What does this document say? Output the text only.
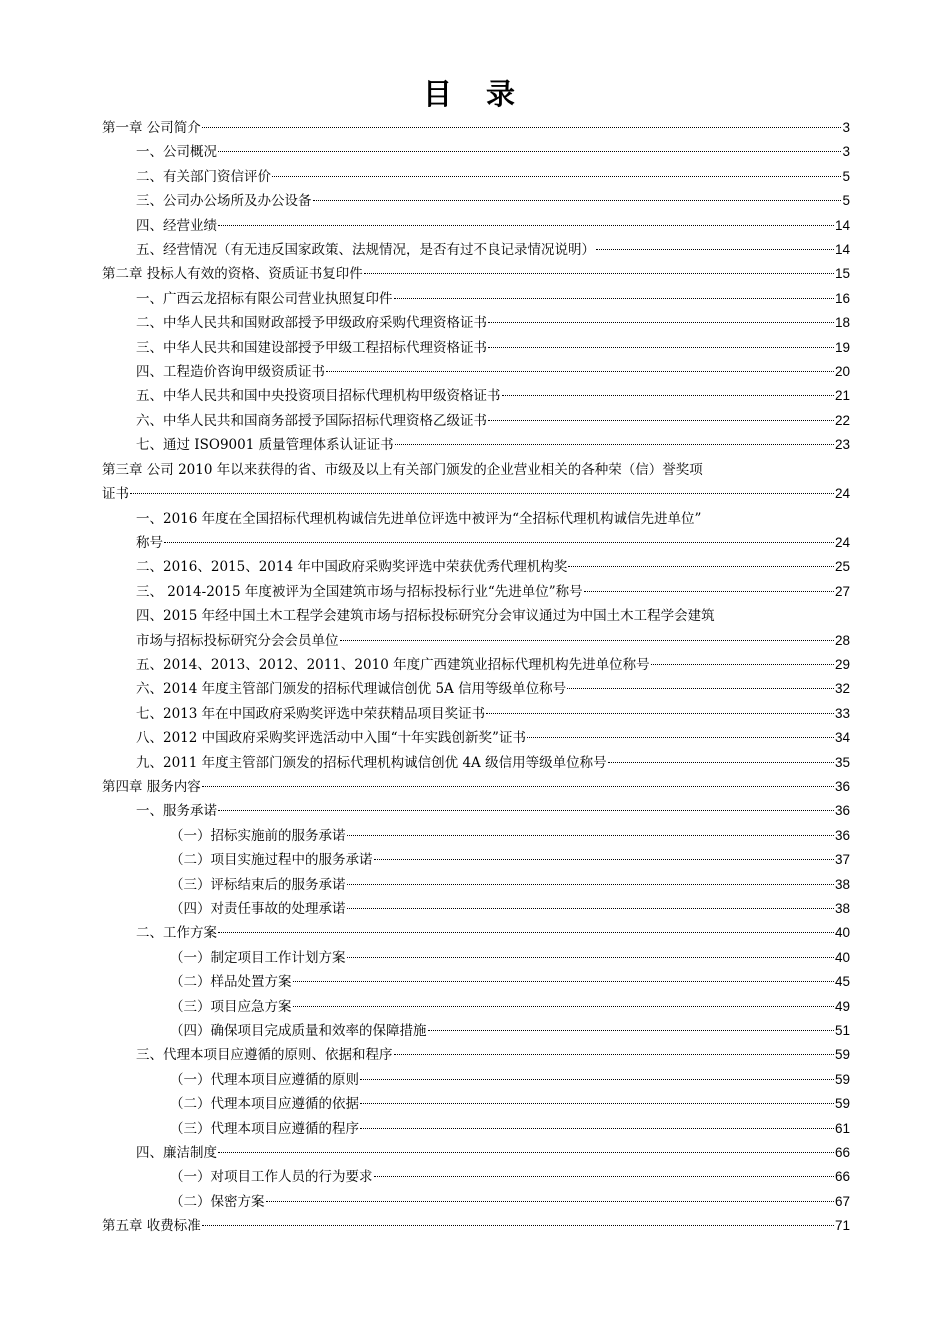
目 录
第一章 公司简介	3
一、公司概况	3
二、有关部门资信评价	5
三、公司办公场所及办公设备	5
四、经营业绩	14
五、经营情况（有无违反国家政策、法规情况，是否有过不良记录情况说明）	14
第二章 投标人有效的资格、资质证书复印件	15
一、广西云龙招标有限公司营业执照复印件	16
二、中华人民共和国财政部授予甲级政府采购代理资格证书	18
三、中华人民共和国建设部授予甲级工程招标代理资格证书	19
四、工程造价咨询甲级资质证书	20
五、中华人民共和国中央投资项目招标代理机构甲级资格证书	21
六、中华人民共和国商务部授予国际招标代理资格乙级证书	22
七、通过 ISO9001 质量管理体系认证证书	23
第三章 公司 2010 年以来获得的省、市级及以上有关部门颁发的企业营业相关的各种荣（信）誉奖项
证书	24
一、2016 年度在全国招标代理机构诚信先进单位评选中被评为“全招标代理机构诚信先进单位”
称号	24
二、2016、2015、2014 年中国政府采购奖评选中荣获优秀代理机构奖	25
三、 2014-2015 年度被评为全国建筑市场与招标投标行业“先进单位”称号	27
四、2015 年经中国土木工程学会建筑市场与招标投标研究分会审议通过为中国土木工程学会建筑
市场与招标投标研究分会会员单位	28
五、2014、2013、2012、2011、2010 年度广西建筑业招标代理机构先进单位称号	29
六、2014 年度主管部门颁发的招标代理诚信创优 5A 信用等级单位称号	32
七、2013 年在中国政府采购奖评选中荣获精品项目奖证书	33
八、2012 中国政府采购奖评选活动中入围“十年实践创新奖”证书	34
九、2011 年度主管部门颁发的招标代理机构诚信创优 4A 级信用等级单位称号	35
第四章 服务内容	36
一、服务承诺	36
（一）招标实施前的服务承诺	36
（二）项目实施过程中的服务承诺	37
（三）评标结束后的服务承诺	38
（四）对责任事故的处理承诺	38
二、工作方案	40
（一）制定项目工作计划方案	40
（二）样品处置方案	45
（三）项目应急方案	49
（四）确保项目完成质量和效率的保障措施	51
三、代理本项目应遵循的原则、依据和程序	59
（一）代理本项目应遵循的原则	59
（二）代理本项目应遵循的依据	59
（三）代理本项目应遵循的程序	61
四、廉洁制度	66
（一）对项目工作人员的行为要求	66
（二）保密方案	67
第五章 收费标准	71
